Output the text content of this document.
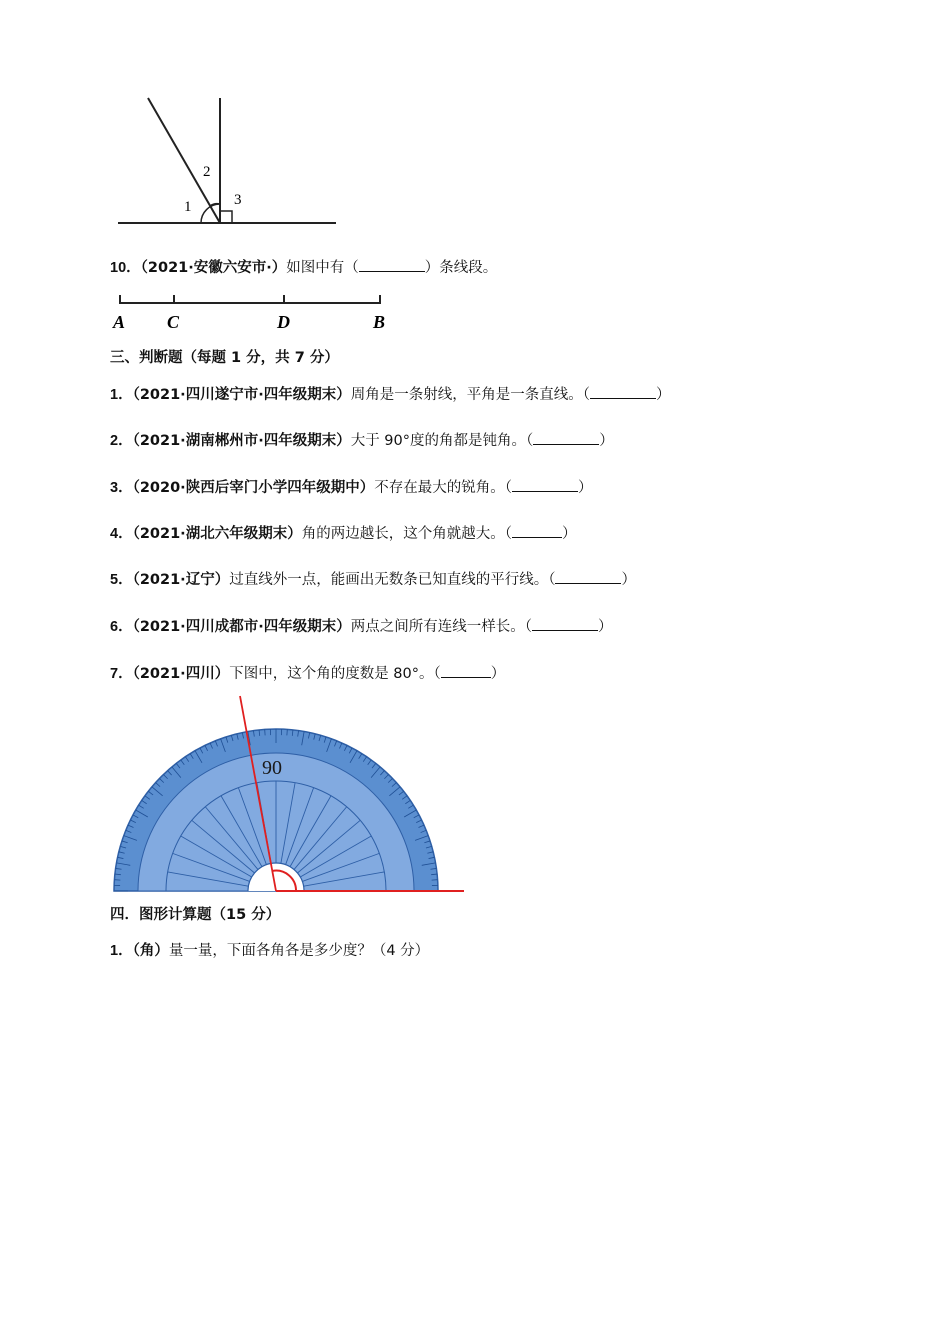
1
2
3
10．（2021·安徽六安市·）如图中有（	）条线段。
A C	D	B
三、判断题（每题 1 分，共 7 分）
1．（2021·四川遂宁市·四年级期末）周角是一条射线，平角是一条直线。（	）
2．（2021·湖南郴州市·四年级期末）大于 90°度的角都是钝角。（	）
3．（2020·陕西后宰门小学四年级期中）不存在最大的锐角。（	）
4．（2021·湖北六年级期末）角的两边越长，这个角就越大。（	）
5．（2021·辽宁）过直线外一点，能画出无数条已知直线的平行线。（	）
6．（2021·四川成都市·四年级期末）两点之间所有连线一样长。（	）
7．（2021·四川）下图中，这个角的度数是 80°。（	）
90
四．图形计算题（15 分）
1．（角）量一量，下面各角各是多少度？（4 分）
